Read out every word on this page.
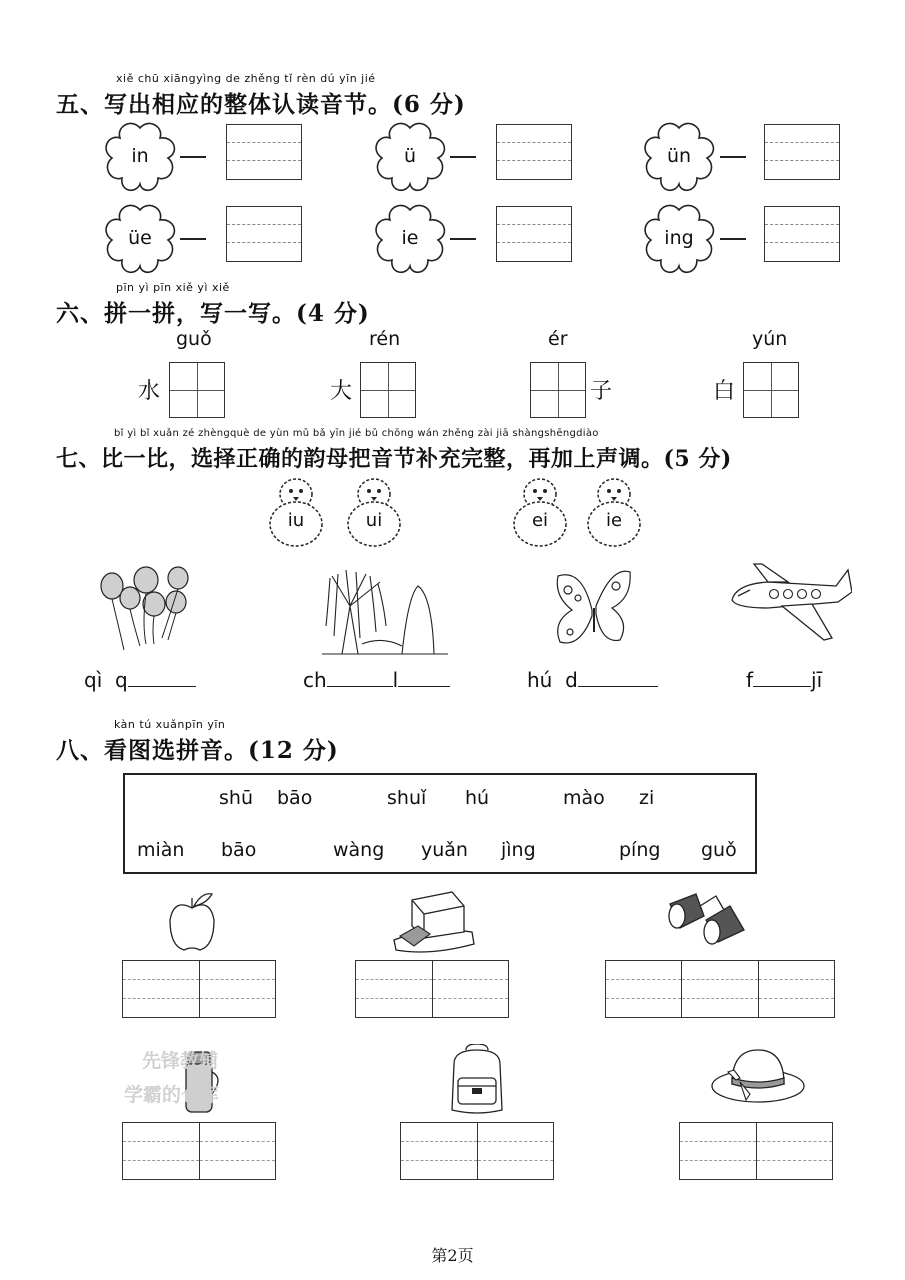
xiě chū xiāngyìng de zhěng tǐ rèn dú yīn jié
五、写出相应的整体认读音节。(6 分)
in	ü	ün
üe	ie	ing
pīn yì pīn xiě yì xiě
六、拼一拼，写一写。(4 分)
guǒ
水
rén
大
ér
子
yún
白
bǐ yì bǐ xuǎn zé zhèngquè de yùn mǔ bǎ yīn jié bǔ chōng wán zhěng zài jiā shàngshēngdiào
七、比一比，选择正确的韵母把音节补充完整，再加上声调。(5 分)
iu	ui	ei	ie
qì q	ch	l	hú d	f	jī
kàn tú xuǎnpīn yīn
八、看图选拼音。(12 分)
shū bāo	shuǐ hú	mào zi
miàn bāo	wàng yuǎn jìng	píng guǒ
先锋教辅
学霸的仓库
第2页
